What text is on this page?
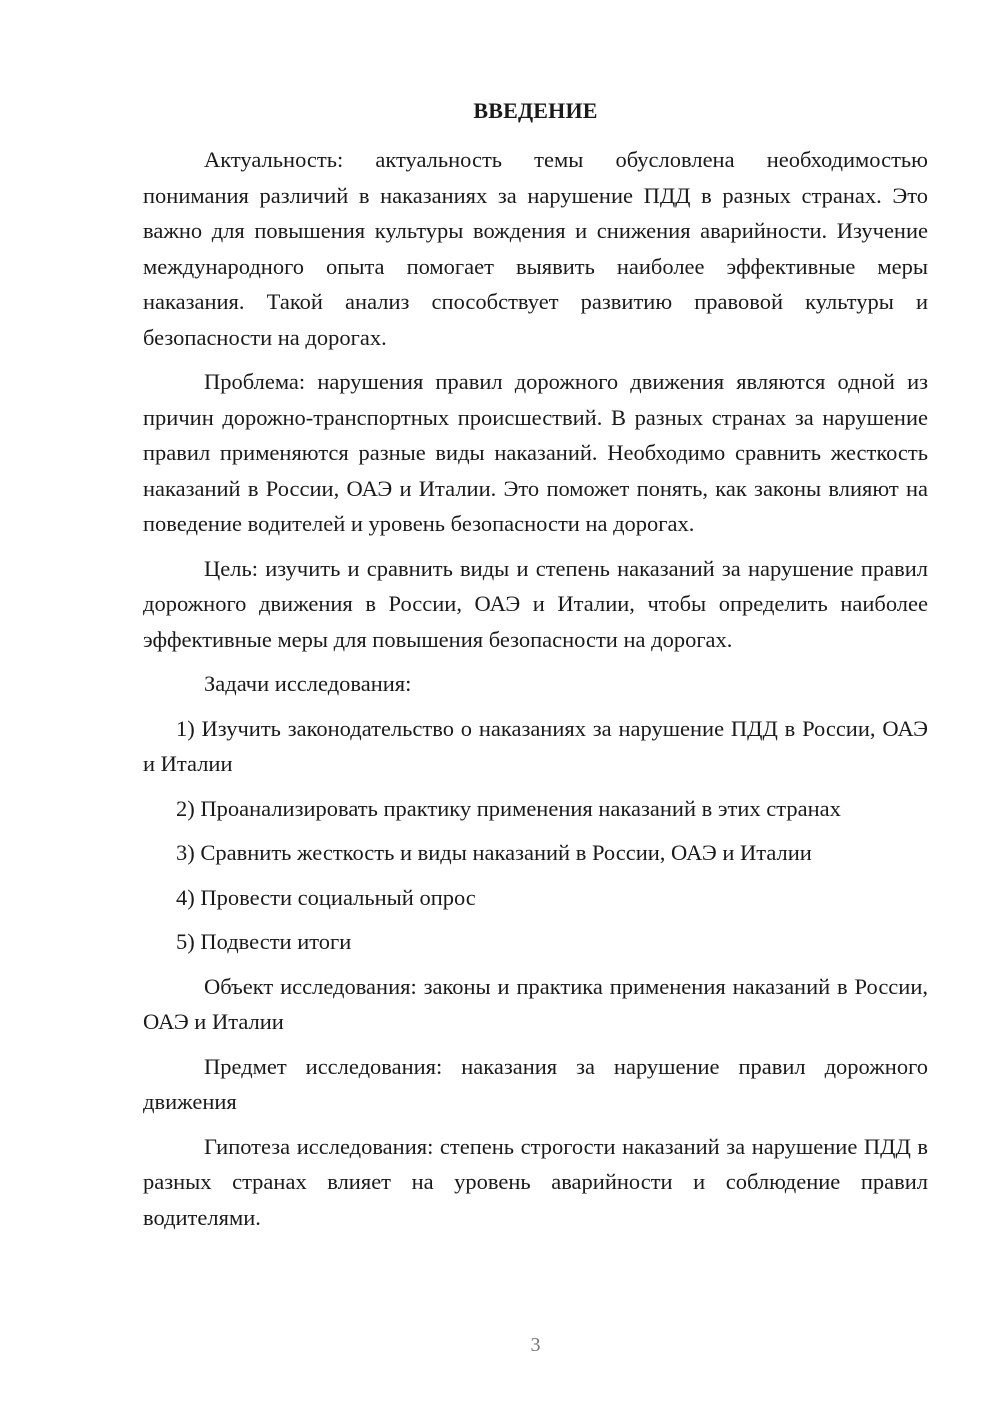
ВВЕДЕНИЕ

Актуальность: актуальность темы обусловлена необходимостью понимания различий в наказаниях за нарушение ПДД в разных странах. Это важно для повышения культуры вождения и снижения аварийности. Изучение международного опыта помогает выявить наиболее эффективные меры наказания. Такой анализ способствует развитию правовой культуры и безопасности на дорогах.

Проблема: нарушения правил дорожного движения являются одной из причин дорожно-транспортных происшествий. В разных странах за нарушение правил применяются разные виды наказаний. Необходимо сравнить жесткость наказаний в России, ОАЭ и Италии. Это поможет понять, как законы влияют на поведение водителей и уровень безопасности на дорогах.

Цель: изучить и сравнить виды и степень наказаний за нарушение правил дорожного движения в России, ОАЭ и Италии, чтобы определить наиболее эффективные меры для повышения безопасности на дорогах.

Задачи исследования:

1) Изучить законодательство о наказаниях за нарушение ПДД в России, ОАЭ и Италии

2) Проанализировать практику применения наказаний в этих странах

3) Сравнить жесткость и виды наказаний в России, ОАЭ и Италии

4) Провести социальный опрос

5) Подвести итоги

Объект исследования: законы и практика применения наказаний в России, ОАЭ и Италии

Предмет исследования: наказания за нарушение правил дорожного движения

Гипотеза исследования: степень строгости наказаний за нарушение ПДД в разных странах влияет на уровень аварийности и соблюдение правил водителями.

3
